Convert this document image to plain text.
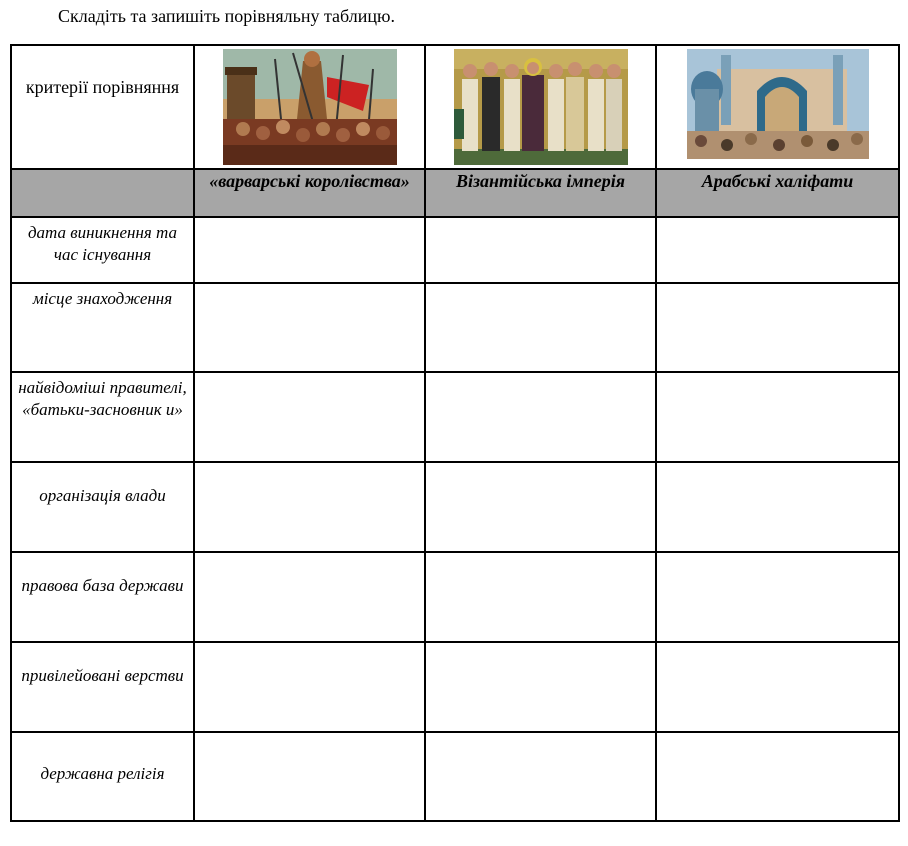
Складіть та запишіть порівняльну таблицю.
критерії порівняння

	«варварські королівства»	Візантійська імперія	Арабські халіфати

дата виникнення та час існування			

місце знаходження			

найвідоміші правителі, «батьки-засновник и»			

організація влади			

правова база держави			

привілейовані верстви			

державна релігія			
